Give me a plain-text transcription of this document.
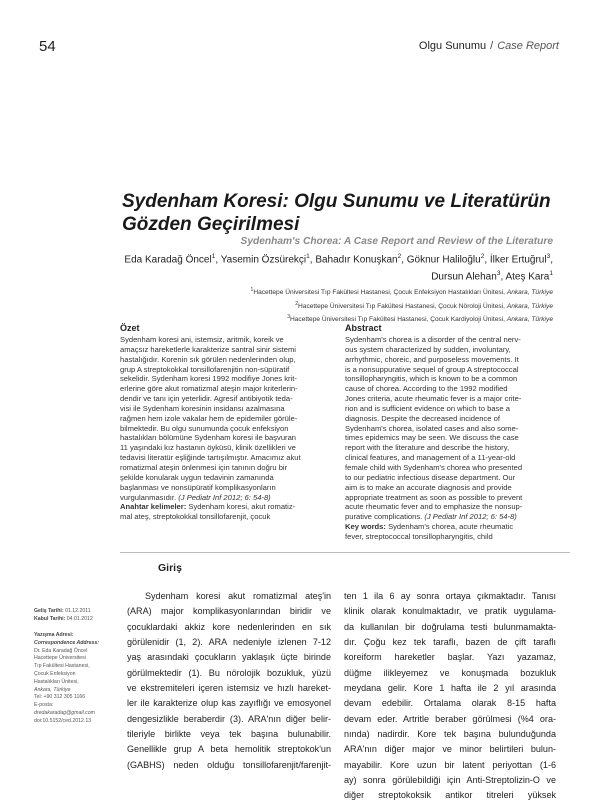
54	Olgu Sunumu / Case Report
Sydenham Koresi: Olgu Sunumu ve Literatürün
Gözden Geçirilmesi
Sydenham's Chorea: A Case Report and Review of the Literature
Eda Karadağ Öncel$^1$, Yasemin Özsürekçi$^1$, Bahadır Konuşkan$^2$, Göknur Haliloğlu$^2$, İlker Ertuğrul$^3$,
Dursun Alehan$^3$, Ateş Kara$^1$
$^1$Hacettepe Üniversitesi Tıp Fakültesi Hastanesi, Çocuk Enfeksiyon Hastalıkları Ünitesi, Ankara, Türkiye
$^2$Hacettepe Üniversitesi Tıp Fakültesi Hastanesi, Çocuk Nöroloji Ünitesi, Ankara, Türkiye
$^3$Hacettepe Üniversitesi Tıp Fakültesi Hastanesi, Çocuk Kardiyoloji Ünitesi, Ankara, Türkiye
Özet
Sydenham koresi ani, istemsiz, aritmik, koreik ve
amaçsız hareketlerle karakterize santral sinir sistemi
hastalığıdır. Korenin sık görülen nedenlerinden olup,
grup A streptokokkal tonsillofarenjitin non-süpüratif
sekelidir. Sydenham koresi 1992 modifiye Jones krit-
erlerine göre akut romatizmal ateşin major kriterlerin-
dendir ve tanı için yeterlidir. Agresif antibiyotik teda-
visi ile Sydenham koresinin insidansı azalmasına
rağmen hem izole vakalar hem de epidemiler görüle-
bilmektedir. Bu olgu sunumunda çocuk enfeksiyon
hastalıkları bölümüne Sydenham koresi ile başvuran
11 yaşındaki kız hastanın öyküsü, klinik özellikleri ve
tedavisi literatür eşliğinde tartışılmıştır. Amacımız akut
romatizmal ateşin önlenmesi için tanının doğru bir
şekilde konularak uygun tedavinin zamanında
başlanması ve nonsüpüratif komplikasyonların
vurgulanmasıdır. (J Pediatr Inf 2012; 6: 54-8)
Anahtar kelimeler: Sydenham koresi, akut romatiz-
mal ateş, streptokokkal tonsillofarenjit, çocuk
Abstract
Sydenham's chorea is a disorder of the central nerv-
ous system characterized by sudden, involuntary,
arrhythmic, choreic, and purposeless movements. It
is a nonsuppurative sequel of group A streptococcal
tonsillopharyngitis, which is known to be a common
cause of chorea. According to the 1992 modified
Jones criteria, acute rheumatic fever is a major crite-
rion and is sufficient evidence on which to base a
diagnosis. Despite the decreased incidence of
Sydenham's chorea, isolated cases and also some-
times epidemics may be seen. We discuss the case
report with the literature and describe the history,
clinical features, and management of a 11-year-old
female child with Sydenham's chorea who presented
to our pediatric infectious disease department. Our
aim is to make an accurate diagnosis and provide
appropriate treatment as soon as possible to prevent
acute rheumatic fever and to emphasize the nonsup-
purative complications. (J Pediatr Inf 2012; 6: 54-8)
Key words: Sydenham's chorea, acute rheumatic
fever, streptococcal tonsillopharyngitis, child
Giriş
Geliş Tarihi: 01.12.2011
Kabul Tarihi: 04.01.2012
Yazışma Adresi:
Correspondence Address:
Dr. Eda Karadağ Öncel
Hacettepe Üniversitesi
Tıp Fakültesi Hastanesi,
Çocuk Enfeksiyon
Hastalıkları Ünitesi,
Ankara, Türkiye
Tel: +90 312 305 1166
E-posta:
dredakaradag@gmail.com
doi:10.5152/ced.2012.13
Sydenham koresi akut romatizmal ateş'in
(ARA) major komplikasyonlarından biridir ve
çocuklardaki akkiz kore nedenlerinden en sık
görülenidir (1, 2). ARA nedeniyle izlenen 7-12
yaş arasındaki çocukların yaklaşık üçte birinde
görülmektedir (1). Bu nörolojik bozukluk, yüzü
ve ekstremiteleri içeren istemsiz ve hızlı hareket-
ler ile karakterize olup kas zayıflığı ve emosyonel
dengesizlikle beraberdir (3). ARA'nın diğer belir-
tileriyle birlikte veya tek başına bulunabilir.
Genellikle grup A beta hemolitik streptokok'un
(GABHS) neden olduğu tonsillofarenjit/farenjit-
ten 1 ila 6 ay sonra ortaya çıkmaktadır. Tanısı
klinik olarak konulmaktadır, ve pratik uygulama-
da kullanılan bir doğrulama testi bulunmamakta-
dır. Çoğu kez tek taraflı, bazen de çift taraflı
koreiform hareketler başlar. Yazı yazamaz,
düğme ilikleyemez ve konuşmada bozukluk
meydana gelir. Kore 1 hafta ile 2 yıl arasında
devam edebilir. Ortalama olarak 8-15 hafta
devam eder. Artritle beraber görülmesi (%4 ora-
nında) nadirdir. Kore tek başına bulunduğunda
ARA'nın diğer major ve minor belirtileri bulun-
mayabilir. Kore uzun bir latent periyottan (1-6
ay) sonra görülebildiği için Anti-Streptolizin-O ve
diğer streptokoksik antikor titreleri yüksek
